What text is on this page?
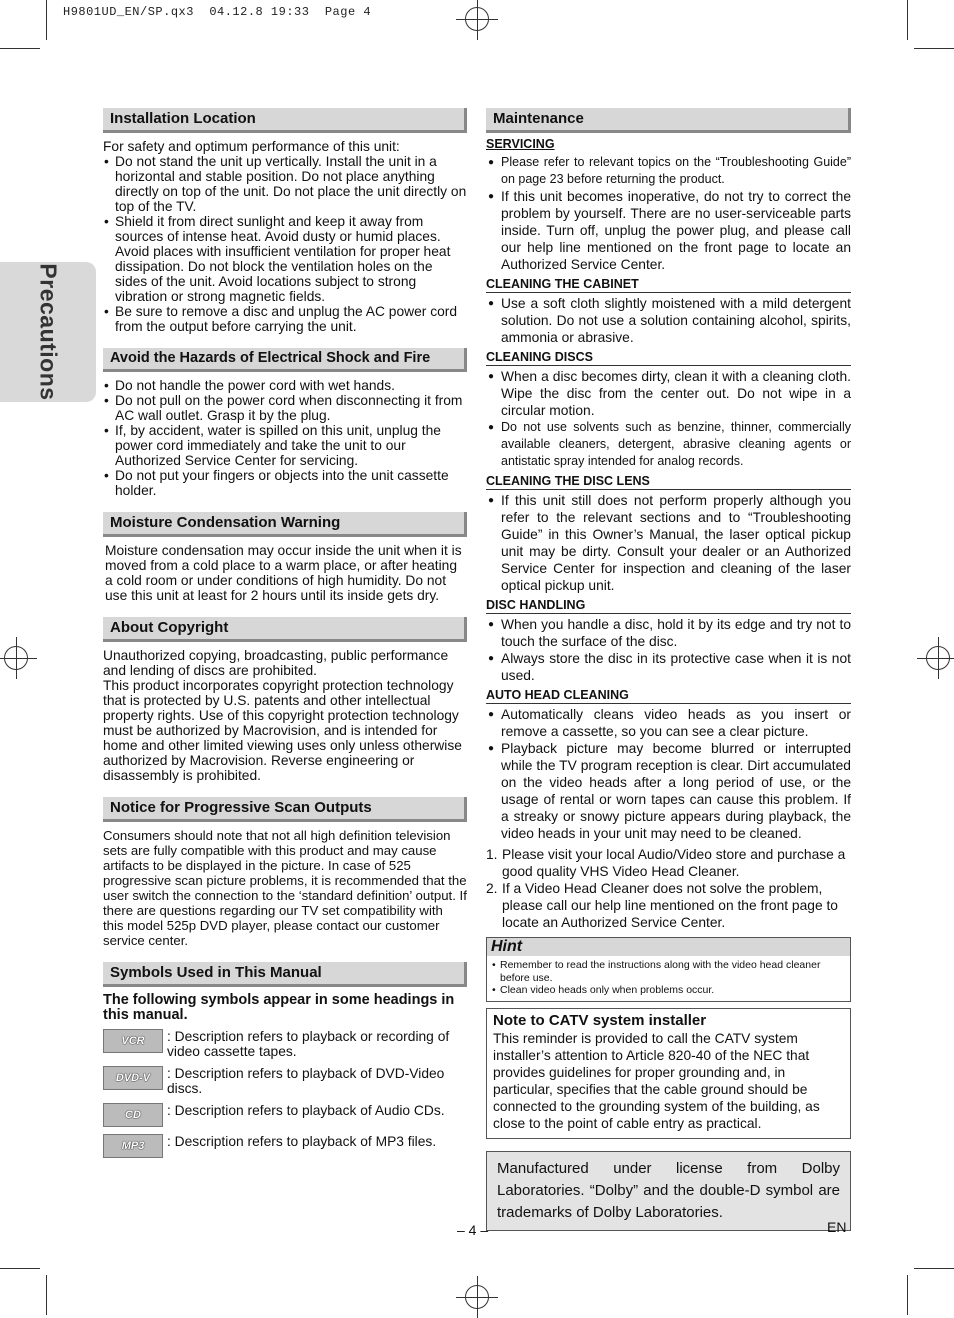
H9801UD_EN/SP.qx3  04.12.8 19:33  Page 4
Precautions
Installation Location
For safety and optimum performance of this unit:
• Do not stand the unit up vertically. Install the unit in a horizontal and stable position. Do not place anything directly on top of the unit. Do not place the unit directly on top of the TV.
• Shield it from direct sunlight and keep it away from sources of intense heat. Avoid dusty or humid places. Avoid places with insufficient ventilation for proper heat dissipation. Do not block the ventilation holes on the sides of the unit. Avoid locations subject to strong vibration or strong magnetic fields.
• Be sure to remove a disc and unplug the AC power cord from the output before carrying the unit.
Avoid the Hazards of Electrical Shock and Fire
• Do not handle the power cord with wet hands.
• Do not pull on the power cord when disconnecting it from AC wall outlet. Grasp it by the plug.
• If, by accident, water is spilled on this unit, unplug the power cord immediately and take the unit to our Authorized Service Center for servicing.
• Do not put your fingers or objects into the unit cassette holder.
Moisture Condensation Warning
Moisture condensation may occur inside the unit when it is moved from a cold place to a warm place, or after heating a cold room or under conditions of high humidity. Do not use this unit at least for 2 hours until its inside gets dry.
About Copyright
Unauthorized copying, broadcasting, public performance and lending of discs are prohibited.
This product incorporates copyright protection technology that is protected by U.S. patents and other intellectual property rights. Use of this copyright protection technology must be authorized by Macrovision, and is intended for home and other limited viewing uses only unless otherwise authorized by Macrovision. Reverse engineering or disassembly is prohibited.
Notice for Progressive Scan Outputs
Consumers should note that not all high definition television sets are fully compatible with this product and may cause artifacts to be displayed in the picture. In case of 525 progressive scan picture problems, it is recommended that the user switch the connection to the ‘standard definition’ output. If there are questions regarding our TV set compatibility with this model 525p DVD player, please contact our customer service center.
Symbols Used in This Manual
The following symbols appear in some headings in this manual.
VCR	: Description refers to playback or recording of video cassette tapes.
DVD-V	: Description refers to playback of DVD-Video discs.
CD	: Description refers to playback of Audio CDs.
MP3	: Description refers to playback of MP3 files.
Maintenance
SERVICING
● Please refer to relevant topics on the “Troubleshooting Guide” on page 23 before returning the product.
● If this unit becomes inoperative, do not try to correct the problem by yourself. There are no user-serviceable parts inside. Turn off, unplug the power plug, and please call our help line mentioned on the front page to locate an Authorized Service Center.
CLEANING THE CABINET
● Use a soft cloth slightly moistened with a mild detergent solution. Do not use a solution containing alcohol, spirits, ammonia or abrasive.
CLEANING DISCS
● When a disc becomes dirty, clean it with a cleaning cloth. Wipe the disc from the center out. Do not wipe in a circular motion.
● Do not use solvents such as benzine, thinner, commercially available cleaners, detergent, abrasive cleaning agents or antistatic spray intended for analog records.
CLEANING THE DISC LENS
● If this unit still does not perform properly although you refer to the relevant sections and to “Troubleshooting Guide” in this Owner’s Manual, the laser optical pickup unit may be dirty. Consult your dealer or an Authorized Service Center for inspection and cleaning of the laser optical pickup unit.
DISC HANDLING
● When you handle a disc, hold it by its edge and try not to touch the surface of the disc.
● Always store the disc in its protective case when it is not used.
AUTO HEAD CLEANING
● Automatically cleans video heads as you insert or remove a cassette, so you can see a clear picture.
● Playback picture may become blurred or interrupted while the TV program reception is clear. Dirt accumulated on the video heads after a long period of use, or the usage of rental or worn tapes can cause this problem. If a streaky or snowy picture appears during playback, the video heads in your unit may need to be cleaned.
1. Please visit your local Audio/Video store and purchase a good quality VHS Video Head Cleaner.
2. If a Video Head Cleaner does not solve the problem, please call our help line mentioned on the front page to locate an Authorized Service Center.
Hint
• Remember to read the instructions along with the video head cleaner before use.
• Clean video heads only when problems occur.
Note to CATV system installer
This reminder is provided to call the CATV system installer’s attention to Article 820-40 of the NEC that provides guidelines for proper grounding and, in particular, specifies that the cable ground should be connected to the grounding system of the building, as close to the point of cable entry as practical.
Manufactured under license from Dolby Laboratories. “Dolby” and the double-D symbol are trademarks of Dolby Laboratories.
– 4 –	EN
